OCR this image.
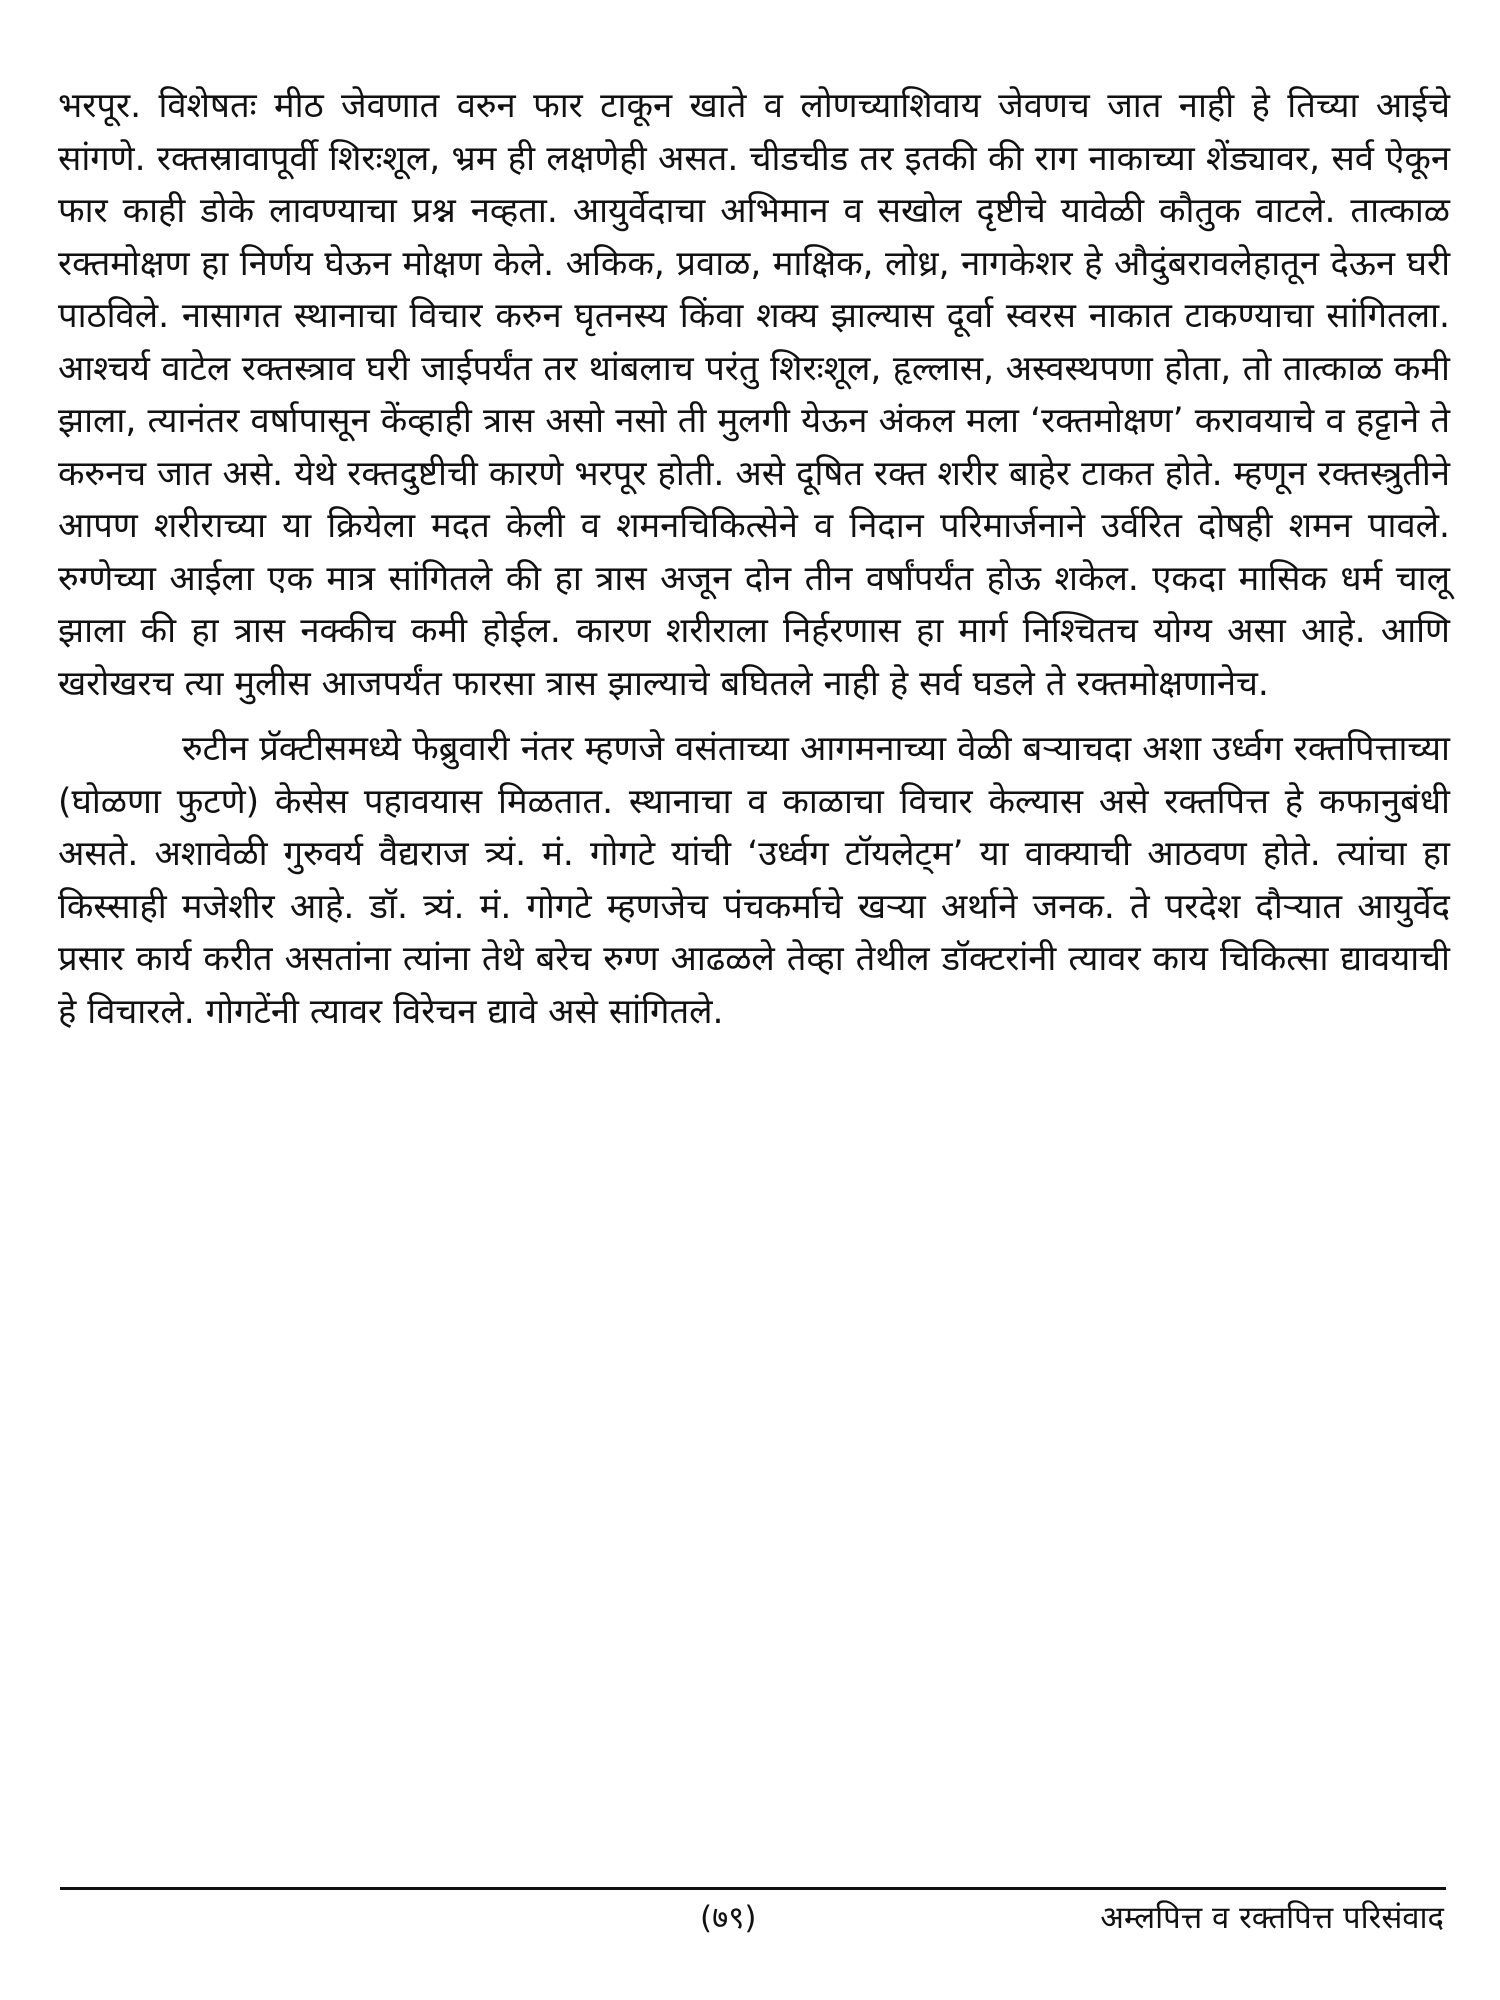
भरपूर. विशेषतः मीठ जेवणात वरुन फार टाकून खाते व लोणच्याशिवाय जेवणच जात नाही हे तिच्या आईचे सांगणे. रक्तस्रावापूर्वी शिरःशूल, भ्रम ही लक्षणेही असत. चीडचीड तर इतकी की राग नाकाच्या शेंड्यावर, सर्व ऐकून फार काही डोके लावण्याचा प्रश्न नव्हता. आयुर्वेदाचा अभिमान व सखोल दृष्टीचे यावेळी कौतुक वाटले. तात्काळ रक्तमोक्षण हा निर्णय घेऊन मोक्षण केले. अकिक, प्रवाळ, माक्षिक, लोध्र, नागकेशर हे औदुंबरावलेहातून देऊन घरी पाठविले. नासागत स्थानाचा विचार करुन घृतनस्य किंवा शक्य झाल्यास दूर्वा स्वरस नाकात टाकण्याचा सांगितला. आश्चर्य वाटेल रक्तस्त्राव घरी जाईपर्यंत तर थांबलाच परंतु शिरःशूल, हृल्लास, अस्वस्थपणा होता, तो तात्काळ कमी झाला, त्यानंतर वर्षापासून केंव्हाही त्रास असो नसो ती मुलगी येऊन अंकल मला ‘रक्तमोक्षण’ करावयाचे व हट्टाने ते करुनच जात असे. येथे रक्तदुष्टीची कारणे भरपूर होती. असे दूषित रक्त शरीर बाहेर टाकत होते. म्हणून रक्तस्त्रुतीने आपण शरीराच्या या क्रियेला मदत केली व शमनचिकित्सेने व निदान परिमार्जनाने उर्वरित दोषही शमन पावले. रुग्णेच्या आईला एक मात्र सांगितले की हा त्रास अजून दोन तीन वर्षांपर्यंत होऊ शकेल. एकदा मासिक धर्म चालू झाला की हा त्रास नक्कीच कमी होईल. कारण शरीराला निर्हरणास हा मार्ग निश्चितच योग्य असा आहे. आणि खरोखरच त्या मुलीस आजपर्यंत फारसा त्रास झाल्याचे बघितले नाही हे सर्व घडले ते रक्तमोक्षणानेच.

रुटीन प्रॅक्टीसमध्ये फेब्रुवारी नंतर म्हणजे वसंताच्या आगमनाच्या वेळी बऱ्याचदा अशा उर्ध्वग रक्तपित्ताच्या (घोळणा फुटणे) केसेस पहावयास मिळतात. स्थानाचा व काळाचा विचार केल्यास असे रक्तपित्त हे कफानुबंधी असते. अशावेळी गुरुवर्य वैद्यराज त्र्यं. मं. गोगटे यांची ‘उर्ध्वग टॉयलेट्म’ या वाक्याची आठवण होते. त्यांचा हा किस्साही मजेशीर आहे. डॉ. त्र्यं. मं. गोगटे म्हणजेच पंचकर्माचे खऱ्या अर्थाने जनक. ते परदेश दौऱ्यात आयुर्वेद प्रसार कार्य करीत असतांना त्यांना तेथे बरेच रुग्ण आढळले तेव्हा तेथील डॉक्टरांनी त्यावर काय चिकित्सा द्यावयाची हे विचारले. गोगटेंनी त्यावर विरेचन द्यावे असे सांगितले.

(७९)	अम्लपित्त व रक्तपित्त परिसंवाद
